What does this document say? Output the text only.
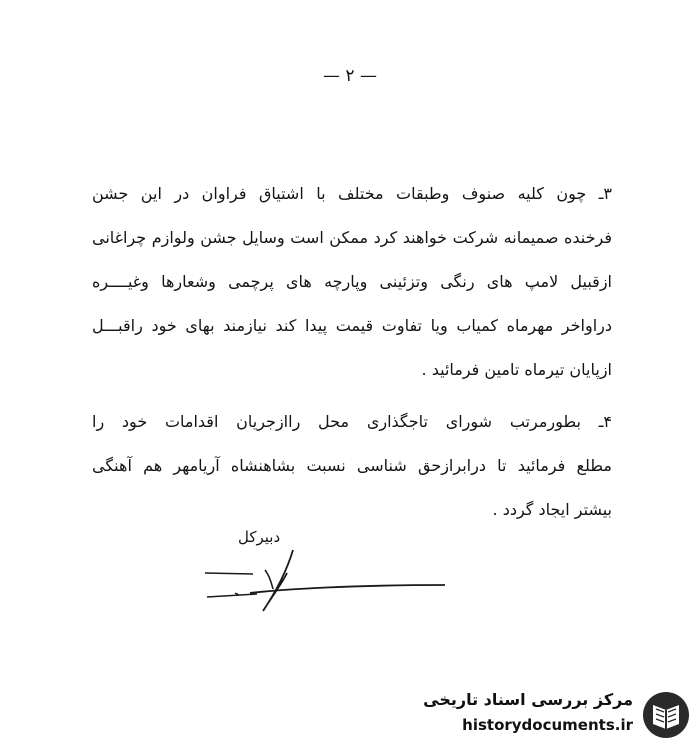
— ۲ —
۳ـ چون کلیه صنوف وطبقات مختلف با اشتیاق فراوان در این جشن
فرخنده صمیمانه شرکت خواهند کرد ممکن است وسایل جشن ولوازم چراغانی
ازقبیل لامپ های رنگی وتزئینی وپارچه های پرچمی وشعارها وغیــــره
دراواخر مهرماه کمیاب ویا تفاوت قیمت پیدا کند نیازمند بهای خود راقبـــل
ازپایان تیرماه تامین فرمائید .
۴ـ بطورمرتب شورای تاجگذاری محل راازجریان اقدامات خود را
مطلع فرمائید تا درابرازحق شناسی نسبت بشاهنشاه آریامهر هم آهنگی
بیشتر ایجاد گردد .
دبیرکل
مرکز بررسی اسناد تاریخی
historydocuments.ir
